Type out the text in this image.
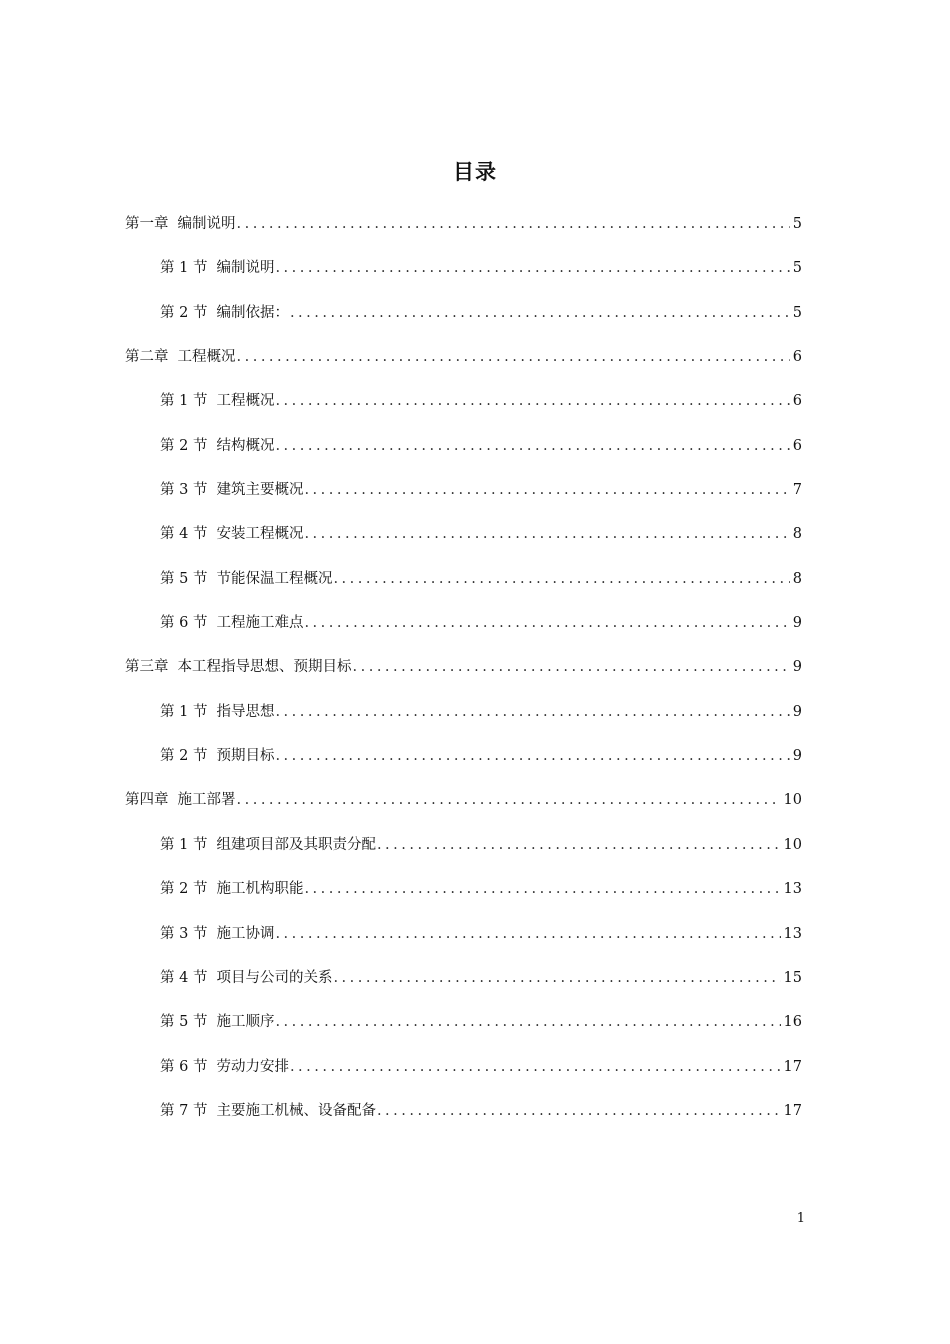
目录
第一章 编制说明 .....	5
第 1 节 编制说明 .....	5
第 2 节 编制依据： .....	5
第二章 工程概况 .....	6
第 1 节 工程概况 .....	6
第 2 节 结构概况 .....	6
第 3 节 建筑主要概况 .....	7
第 4 节 安装工程概况 .....	8
第 5 节 节能保温工程概况 .....	8
第 6 节 工程施工难点 .....	9
第三章 本工程指导思想、预期目标 .....	9
第 1 节 指导思想 .....	9
第 2 节 预期目标 .....	9
第四章 施工部署 .....	10
第 1 节 组建项目部及其职责分配 .....	10
第 2 节 施工机构职能 .....	13
第 3 节 施工协调 .....	13
第 4 节 项目与公司的关系 .....	15
第 5 节 施工顺序 .....	16
第 6 节 劳动力安排 .....	17
第 7 节 主要施工机械、设备配备 .....	17
1
